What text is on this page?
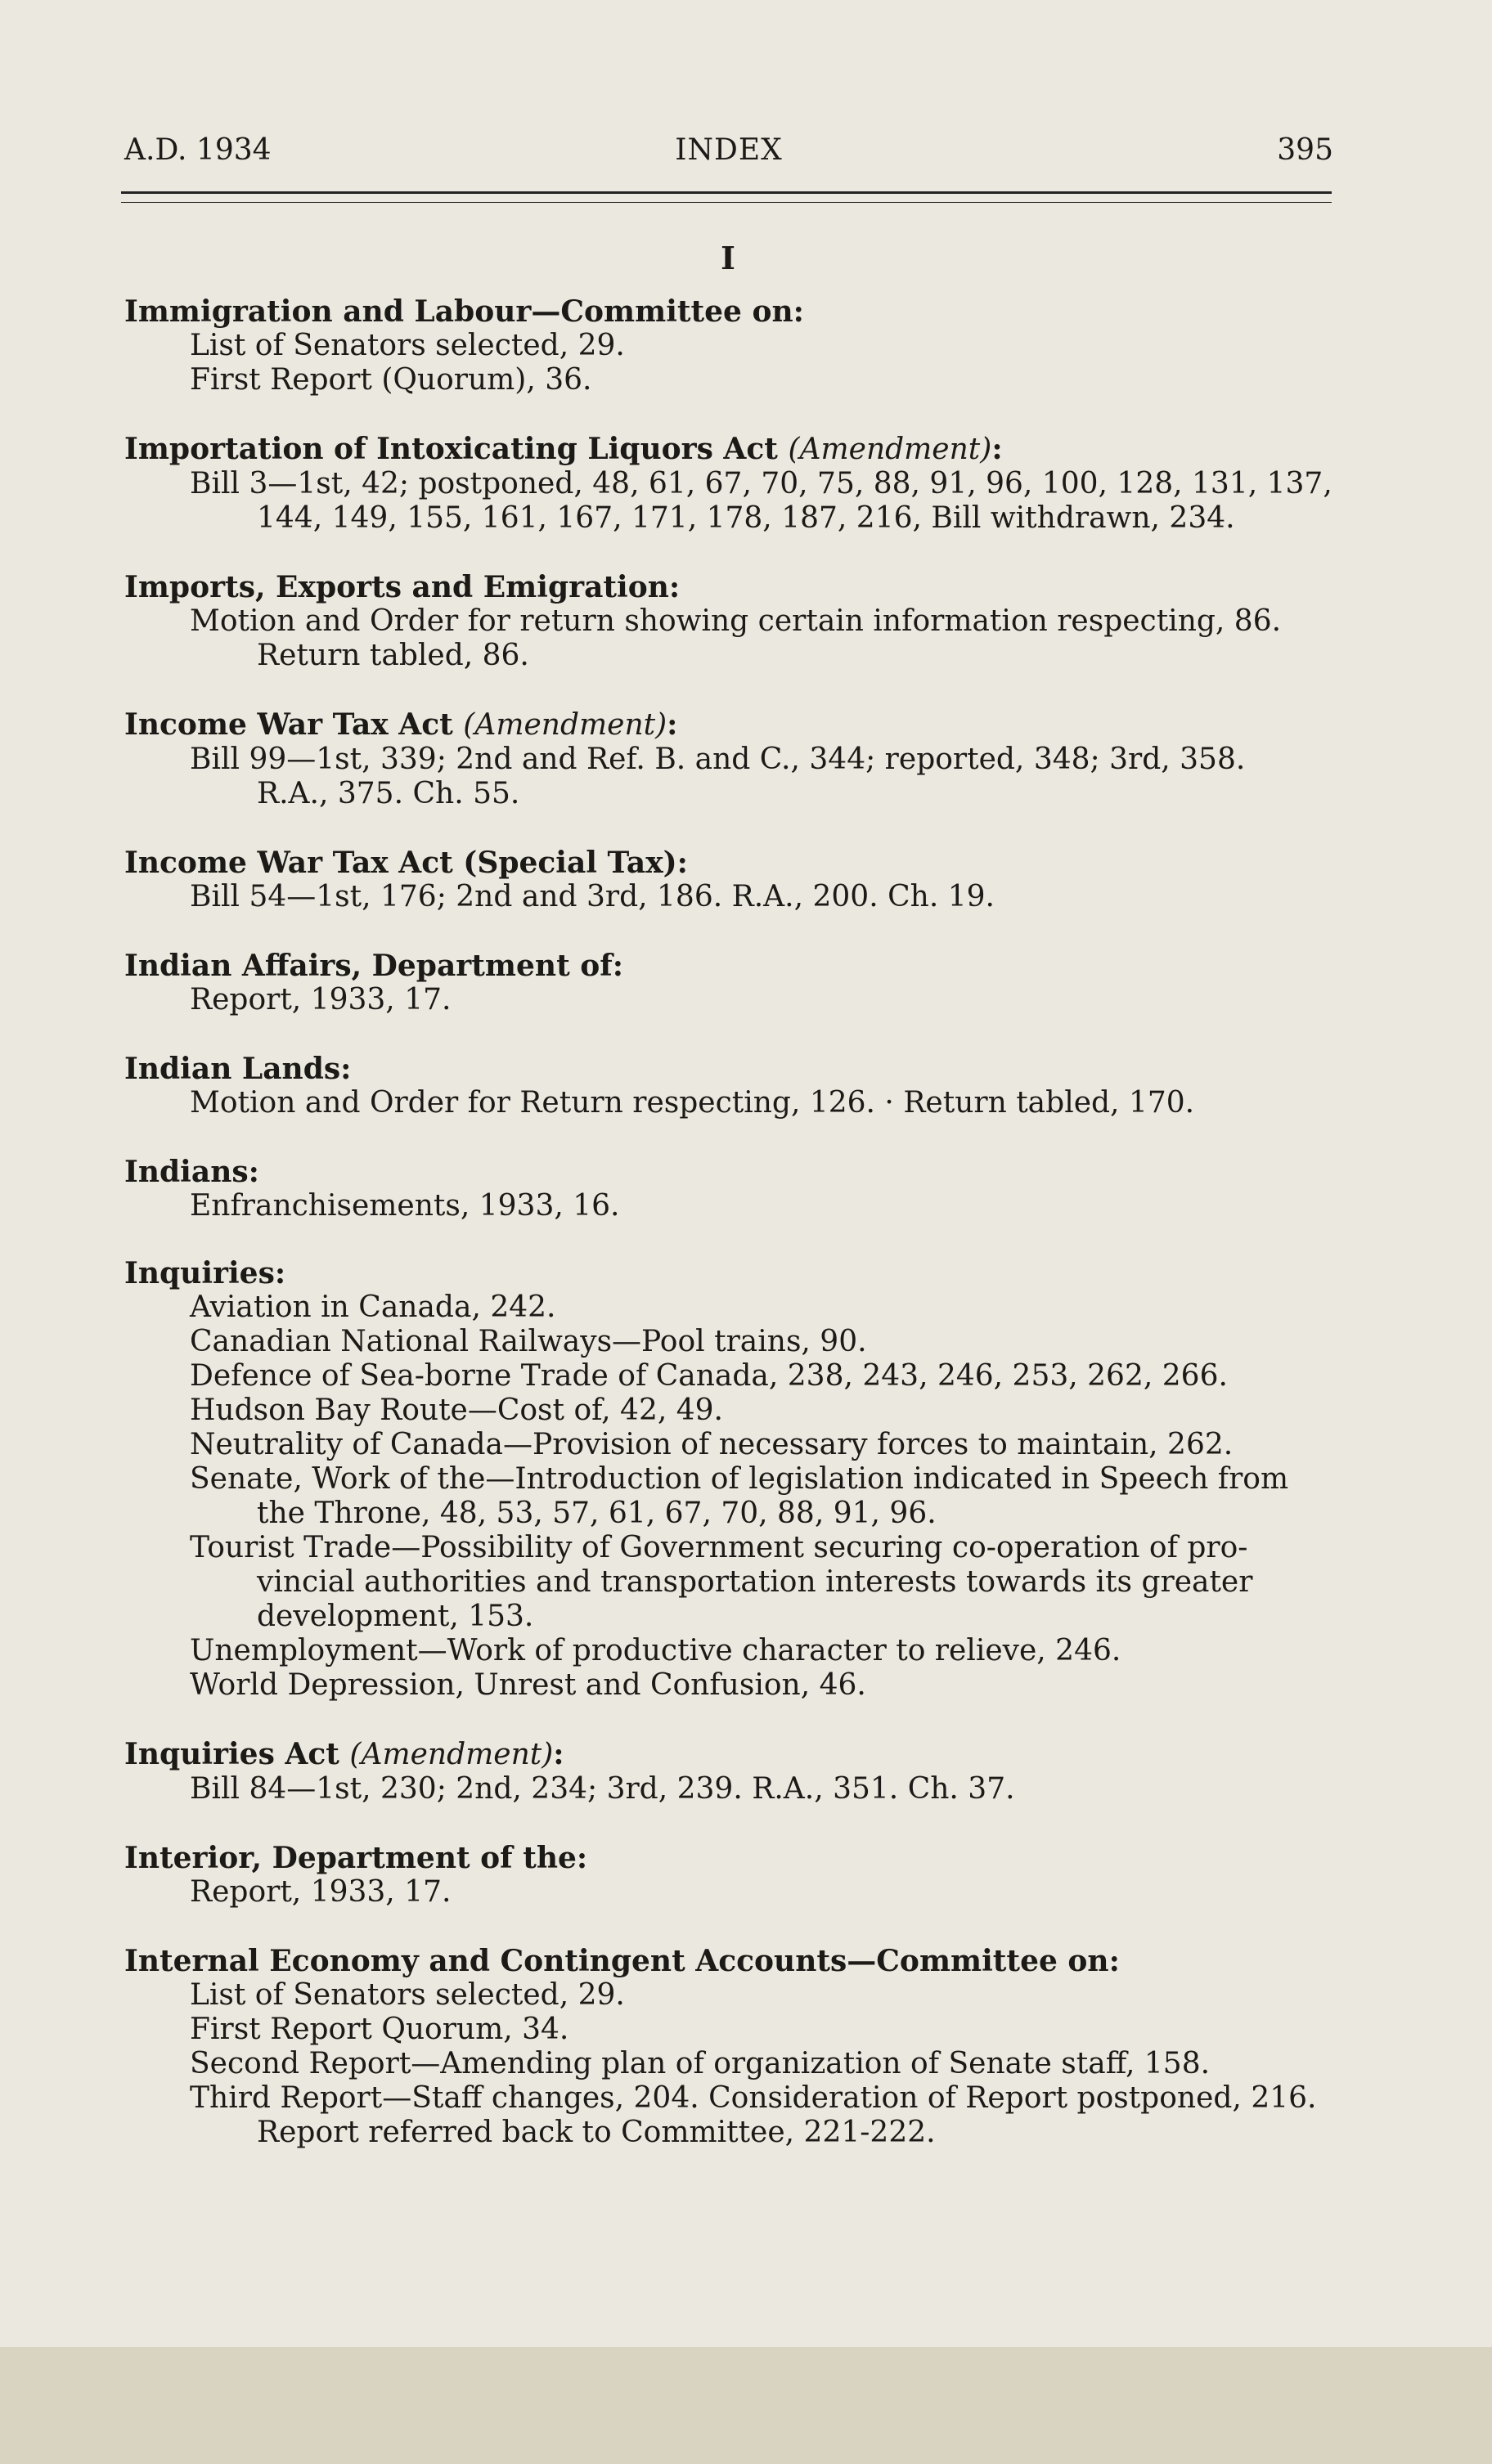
A.D. 1934	INDEX	395
I
Immigration and Labour—Committee on:
List of Senators selected, 29.
First Report (Quorum), 36.
Importation of Intoxicating Liquors Act (Amendment):
Bill 3—1st, 42; postponed, 48, 61, 67, 70, 75, 88, 91, 96, 100, 128, 131, 137,
144, 149, 155, 161, 167, 171, 178, 187, 216, Bill withdrawn, 234.
Imports, Exports and Emigration:
Motion and Order for return showing certain information respecting, 86.
Return tabled, 86.
Income War Tax Act (Amendment):
Bill 99—1st, 339; 2nd and Ref. B. and C., 344; reported, 348; 3rd, 358.
R.A., 375. Ch. 55.
Income War Tax Act (Special Tax):
Bill 54—1st, 176; 2nd and 3rd, 186. R.A., 200. Ch. 19.
Indian Affairs, Department of:
Report, 1933, 17.
Indian Lands:
Motion and Order for Return respecting, 126. · Return tabled, 170.
Indians:
Enfranchisements, 1933, 16.
Inquiries:
Aviation in Canada, 242.
Canadian National Railways—Pool trains, 90.
Defence of Sea-borne Trade of Canada, 238, 243, 246, 253, 262, 266.
Hudson Bay Route—Cost of, 42, 49.
Neutrality of Canada—Provision of necessary forces to maintain, 262.
Senate, Work of the—Introduction of legislation indicated in Speech from
the Throne, 48, 53, 57, 61, 67, 70, 88, 91, 96.
Tourist Trade—Possibility of Government securing co-operation of pro-
vincial authorities and transportation interests towards its greater
development, 153.
Unemployment—Work of productive character to relieve, 246.
World Depression, Unrest and Confusion, 46.
Inquiries Act (Amendment):
Bill 84—1st, 230; 2nd, 234; 3rd, 239. R.A., 351. Ch. 37.
Interior, Department of the:
Report, 1933, 17.
Internal Economy and Contingent Accounts—Committee on:
List of Senators selected, 29.
First Report Quorum, 34.
Second Report—Amending plan of organization of Senate staff, 158.
Third Report—Staff changes, 204. Consideration of Report postponed, 216.
Report referred back to Committee, 221-222.
